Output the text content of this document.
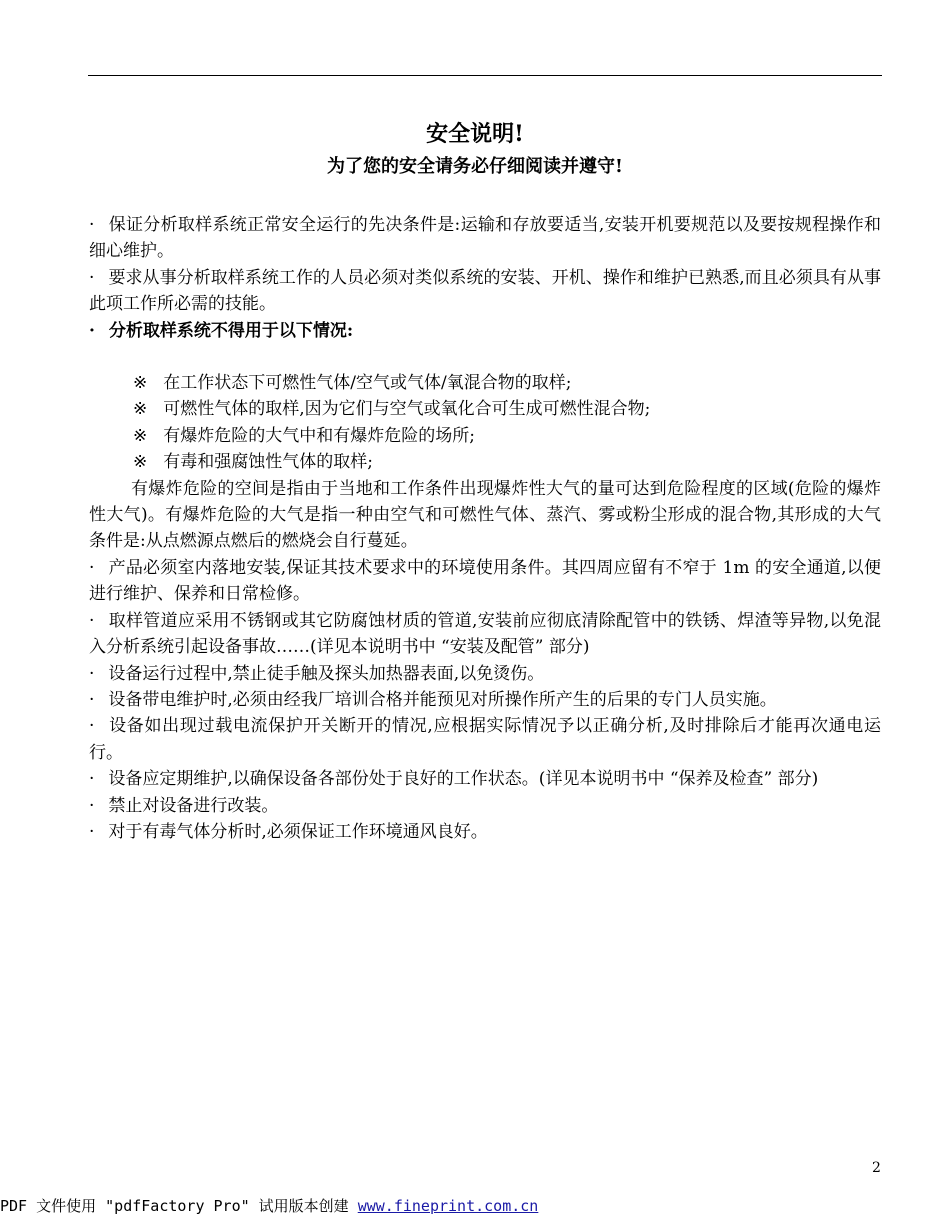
安全说明!
为了您的安全请务必仔细阅读并遵守!

· 保证分析取样系统正常安全运行的先决条件是:运输和存放要适当,安装开机要规范以及要按规程操作和细心维护。

· 要求从事分析取样系统工作的人员必须对类似系统的安装、开机、操作和维护已熟悉,而且必须具有从事此项工作所必需的技能。

· 分析取样系统不得用于以下情况:

※ 在工作状态下可燃性气体/空气或气体/氧混合物的取样;

※ 可燃性气体的取样,因为它们与空气或氧化合可生成可燃性混合物;

※ 有爆炸危险的大气中和有爆炸危险的场所;

※ 有毒和强腐蚀性气体的取样;

有爆炸危险的空间是指由于当地和工作条件出现爆炸性大气的量可达到危险程度的区域(危险的爆炸性大气)。有爆炸危险的大气是指一种由空气和可燃性气体、蒸汽、雾或粉尘形成的混合物,其形成的大气条件是:从点燃源点燃后的燃烧会自行蔓延。

· 产品必须室内落地安装,保证其技术要求中的环境使用条件。其四周应留有不窄于 1m 的安全通道,以便进行维护、保养和日常检修。

· 取样管道应采用不锈钢或其它防腐蚀材质的管道,安装前应彻底清除配管中的铁锈、焊渣等异物,以免混入分析系统引起设备事故……(详见本说明书中 “安装及配管” 部分)

· 设备运行过程中,禁止徒手触及探头加热器表面,以免烫伤。

· 设备带电维护时,必须由经我厂培训合格并能预见对所操作所产生的后果的专门人员实施。

· 设备如出现过载电流保护开关断开的情况,应根据实际情况予以正确分析,及时排除后才能再次通电运行。

· 设备应定期维护,以确保设备各部份处于良好的工作状态。(详见本说明书中 “保养及检查” 部分)

· 禁止对设备进行改装。

· 对于有毒气体分析时,必须保证工作环境通风良好。

2
PDF 文件使用 "pdfFactory Pro" 试用版本创建 www.fineprint.com.cn
